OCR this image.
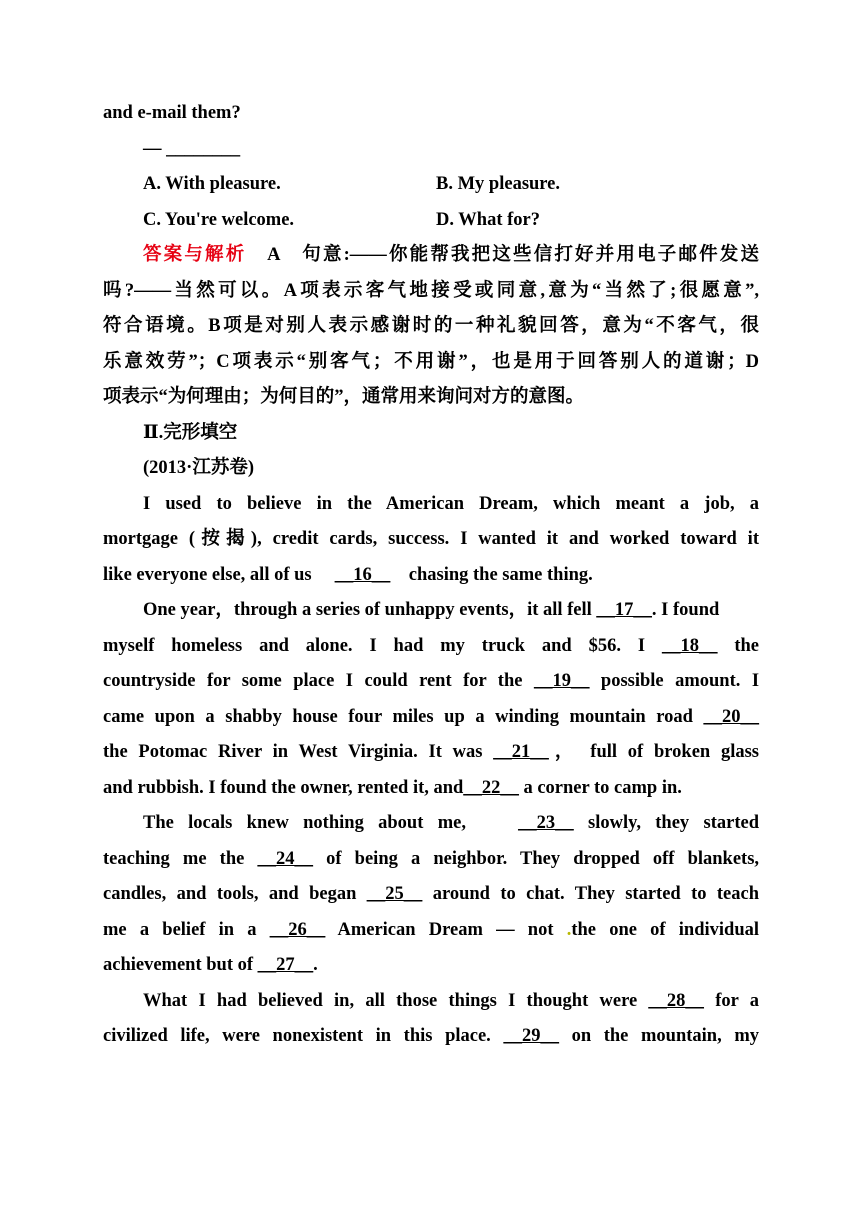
and e-mail them?
— ________
A. With pleasure.	B. My pleasure.
C. You're welcome.	D. What for?
答案与解析　 A　句意:——你能帮我把这些信打好并用电子邮件发送
吗?——当然可以。A项表示客气地接受或同意,意为“当然了;很愿意”,
符合语境。B项是对别人表示感谢时的一种礼貌回答，意为“不客气，很
乐意效劳”；C项表示“别客气；不用谢”，也是用于回答别人的道谢；D
项表示“为何理由；为何目的”，通常用来询问对方的意图。
Ⅱ.完形填空
(2013·江苏卷)
I used to believe in the American Dream, which meant a job, a
mortgage (按揭), credit cards, success. I wanted it and worked toward it
like everyone else, all of us　 __16__　 chasing the same thing.
One year，through a series of unhappy events，it all fell __17__. I found
myself homeless and alone. I had my truck and $56. I __18__ the
countryside for some place I could rent for the __19__ possible amount. I
came upon a shabby house four miles up a winding mountain road __20__
the Potomac River in West Virginia. It was __21__， full of broken glass
and rubbish. I found the owner, rented it, and__22__ a corner to camp in.
The locals knew nothing about me,　	__23__ slowly, they started
teaching me the __24__ of being a neighbor. They dropped off blankets,
candles, and tools, and began __25__ around to chat. They started to teach
me a belief in a __26__ American Dream — not .the one of individual
achievement but of __27__.
What I had believed in, all those things I thought were __28__ for a
civilized life, were nonexistent in this place. __29__ on the mountain, my
